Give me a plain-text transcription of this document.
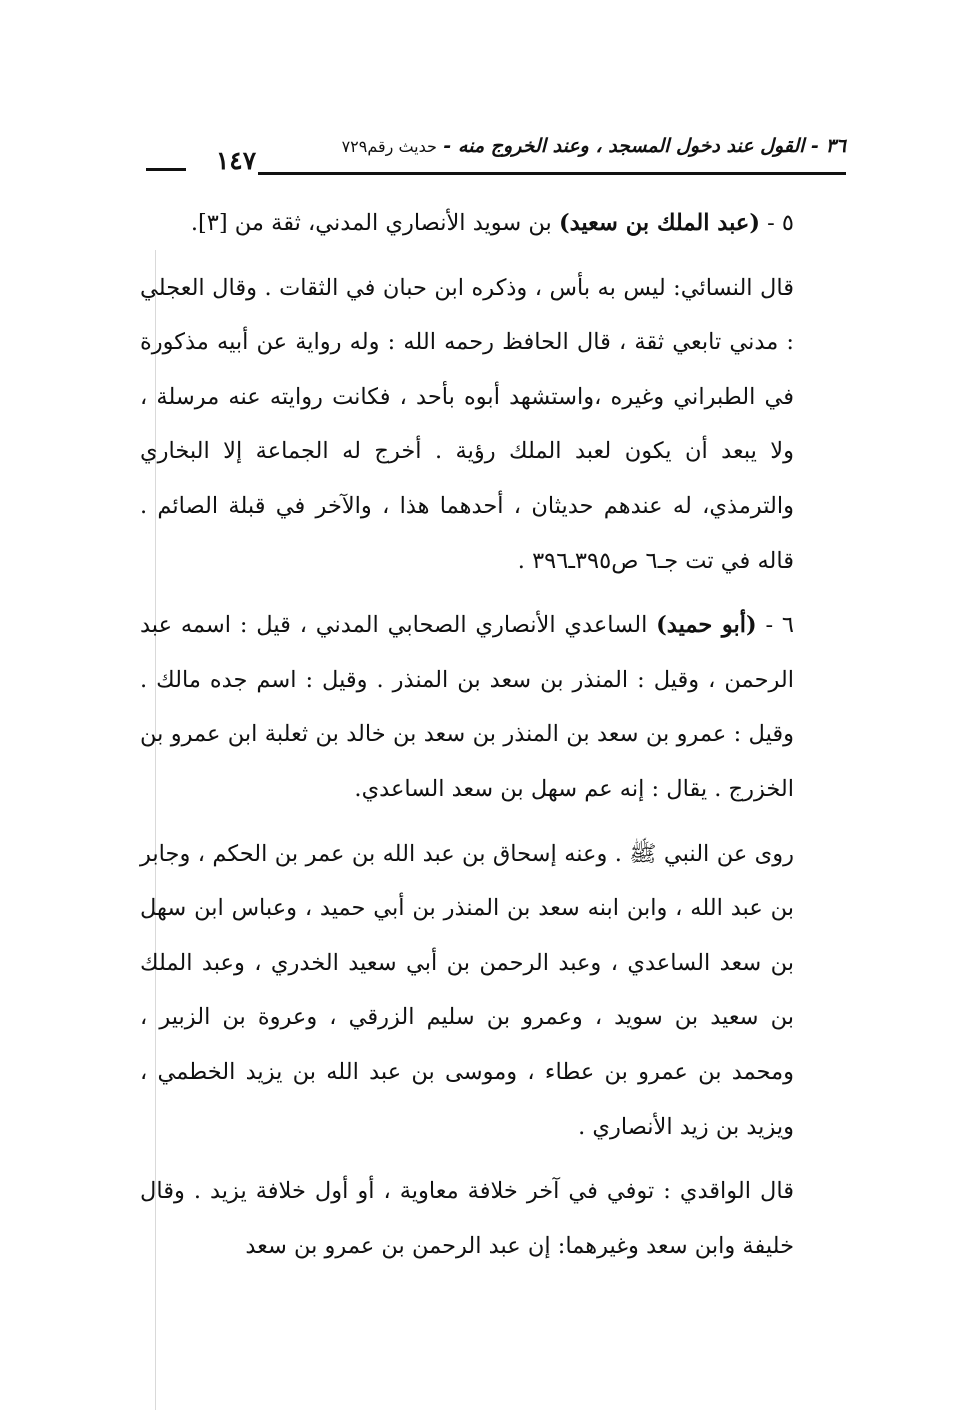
١٤٧	٣٦ - القول عند دخول المسجد ، وعند الخروج منه - حديث رقم٧٢٩

٥ - (عبد الملك بن سعيد) بن سويد الأنصاري المدني، ثقة من [٣].

قال النسائي: ليس به بأس ، وذكره ابن حبان في الثقات . وقال العجلي : مدني تابعي ثقة ، قال الحافظ رحمه الله : وله رواية عن أبيه مذكورة في الطبراني وغيره ،واستشهد أبوه بأحد ، فكانت روايته عنه مرسلة ، ولا يبعد أن يكون لعبد الملك رؤية . أخرج له الجماعة إلا البخاري والترمذي، له عندهم حديثان ، أحدهما هذا ، والآخر في قبلة الصائم . قاله في تت جـ٦ ص٣٩٥ـ٣٩٦ .

٦ - (أبو حميد) الساعدي الأنصاري الصحابي المدني ، قيل : اسمه عبد الرحمن ، وقيل : المنذر بن سعد بن المنذر . وقيل : اسم جده مالك . وقيل : عمرو بن سعد بن المنذر بن سعد بن خالد بن ثعلبة ابن عمرو بن الخزرج . يقال : إنه عم سهل بن سعد الساعدي.

روى عن النبي ﷺ . وعنه إسحاق بن عبد الله بن عمر بن الحكم ، وجابر بن عبد الله ، وابن ابنه سعد بن المنذر بن أبي حميد ، وعباس ابن سهل بن سعد الساعدي ، وعبد الرحمن بن أبي سعيد الخدري ، وعبد الملك بن سعيد بن سويد ، وعمرو بن سليم الزرقي ، وعروة بن الزبير ، ومحمد بن عمرو بن عطاء ، وموسى بن عبد الله بن يزيد الخطمي ، ويزيد بن زيد الأنصاري .

قال الواقدي : توفي في آخر خلافة معاوية ، أو أول خلافة يزيد . وقال خليفة وابن سعد وغيرهما: إن عبد الرحمن بن عمرو بن سعد
